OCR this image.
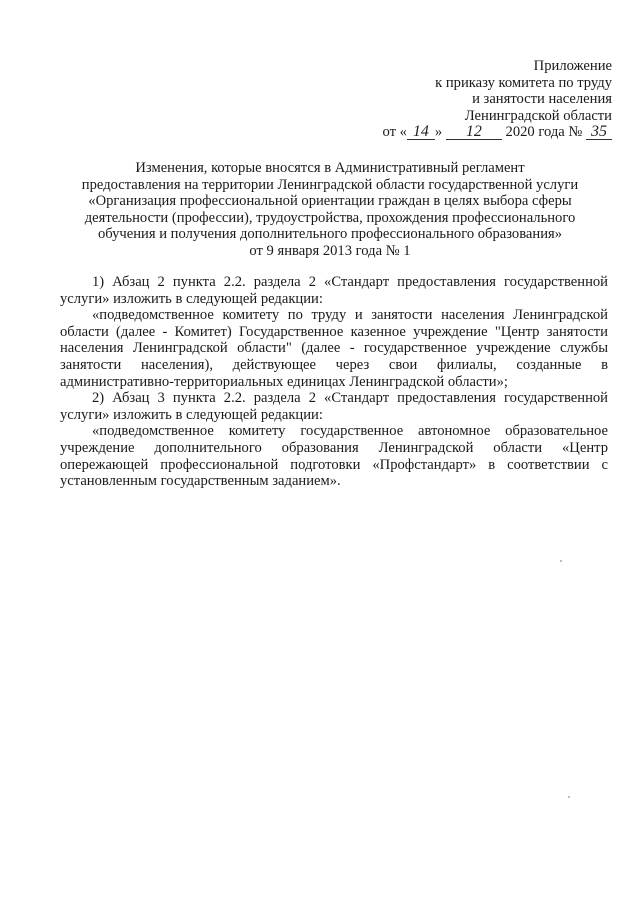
Приложение
к приказу комитета по труду
и занятости населения
Ленинградской области
от « 14 » 12 2020 года № 35
Изменения, которые вносятся в Административный регламент
предоставления на территории Ленинградской области государственной услуги
«Организация профессиональной ориентации граждан в целях выбора сферы
деятельности (профессии), трудоустройства, прохождения профессионального
обучения и получения дополнительного профессионального образования»
от 9 января 2013 года № 1

1) Абзац 2 пункта 2.2. раздела 2 «Стандарт предоставления государственной услуги» изложить в следующей редакции:

«подведомственное комитету по труду и занятости населения Ленинградской области (далее - Комитет) Государственное казенное учреждение "Центр занятости населения Ленинградской области" (далее - государственное учреждение службы занятости населения), действующее через свои филиалы, созданные в административно-территориальных единицах Ленинградской области»;

2) Абзац 3 пункта 2.2. раздела 2 «Стандарт предоставления государственной услуги» изложить в следующей редакции:

«подведомственное комитету государственное автономное образовательное учреждение дополнительного образования Ленинградской области «Центр опережающей профессиональной подготовки «Профстандарт» в соответствии с установленным государственным заданием».
